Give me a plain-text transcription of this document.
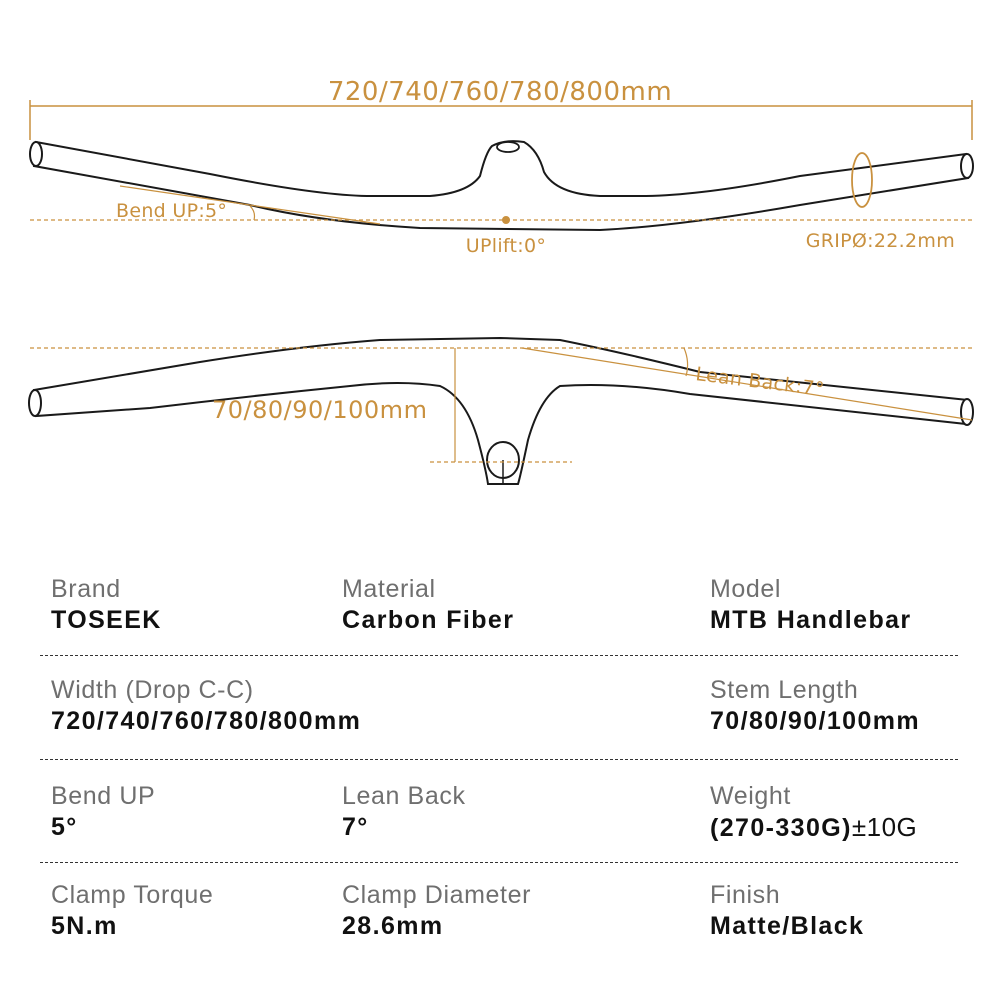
720/740/760/780/800mm
Bend UP:5°
UPlift:0°	GRIPØ:22.2mm
70/80/90/100mm
Lean Back:7°
Brand
TOSEEK
Material
Carbon Fiber
Model
MTB Handlebar
Width (Drop C-C)
720/740/760/780/800mm
Stem Length
70/80/90/100mm
Bend UP
5°
Lean Back
7°
Weight
(270-330G)±10G
Clamp Torque
5N.m
Clamp Diameter
28.6mm
Finish
Matte/Black
